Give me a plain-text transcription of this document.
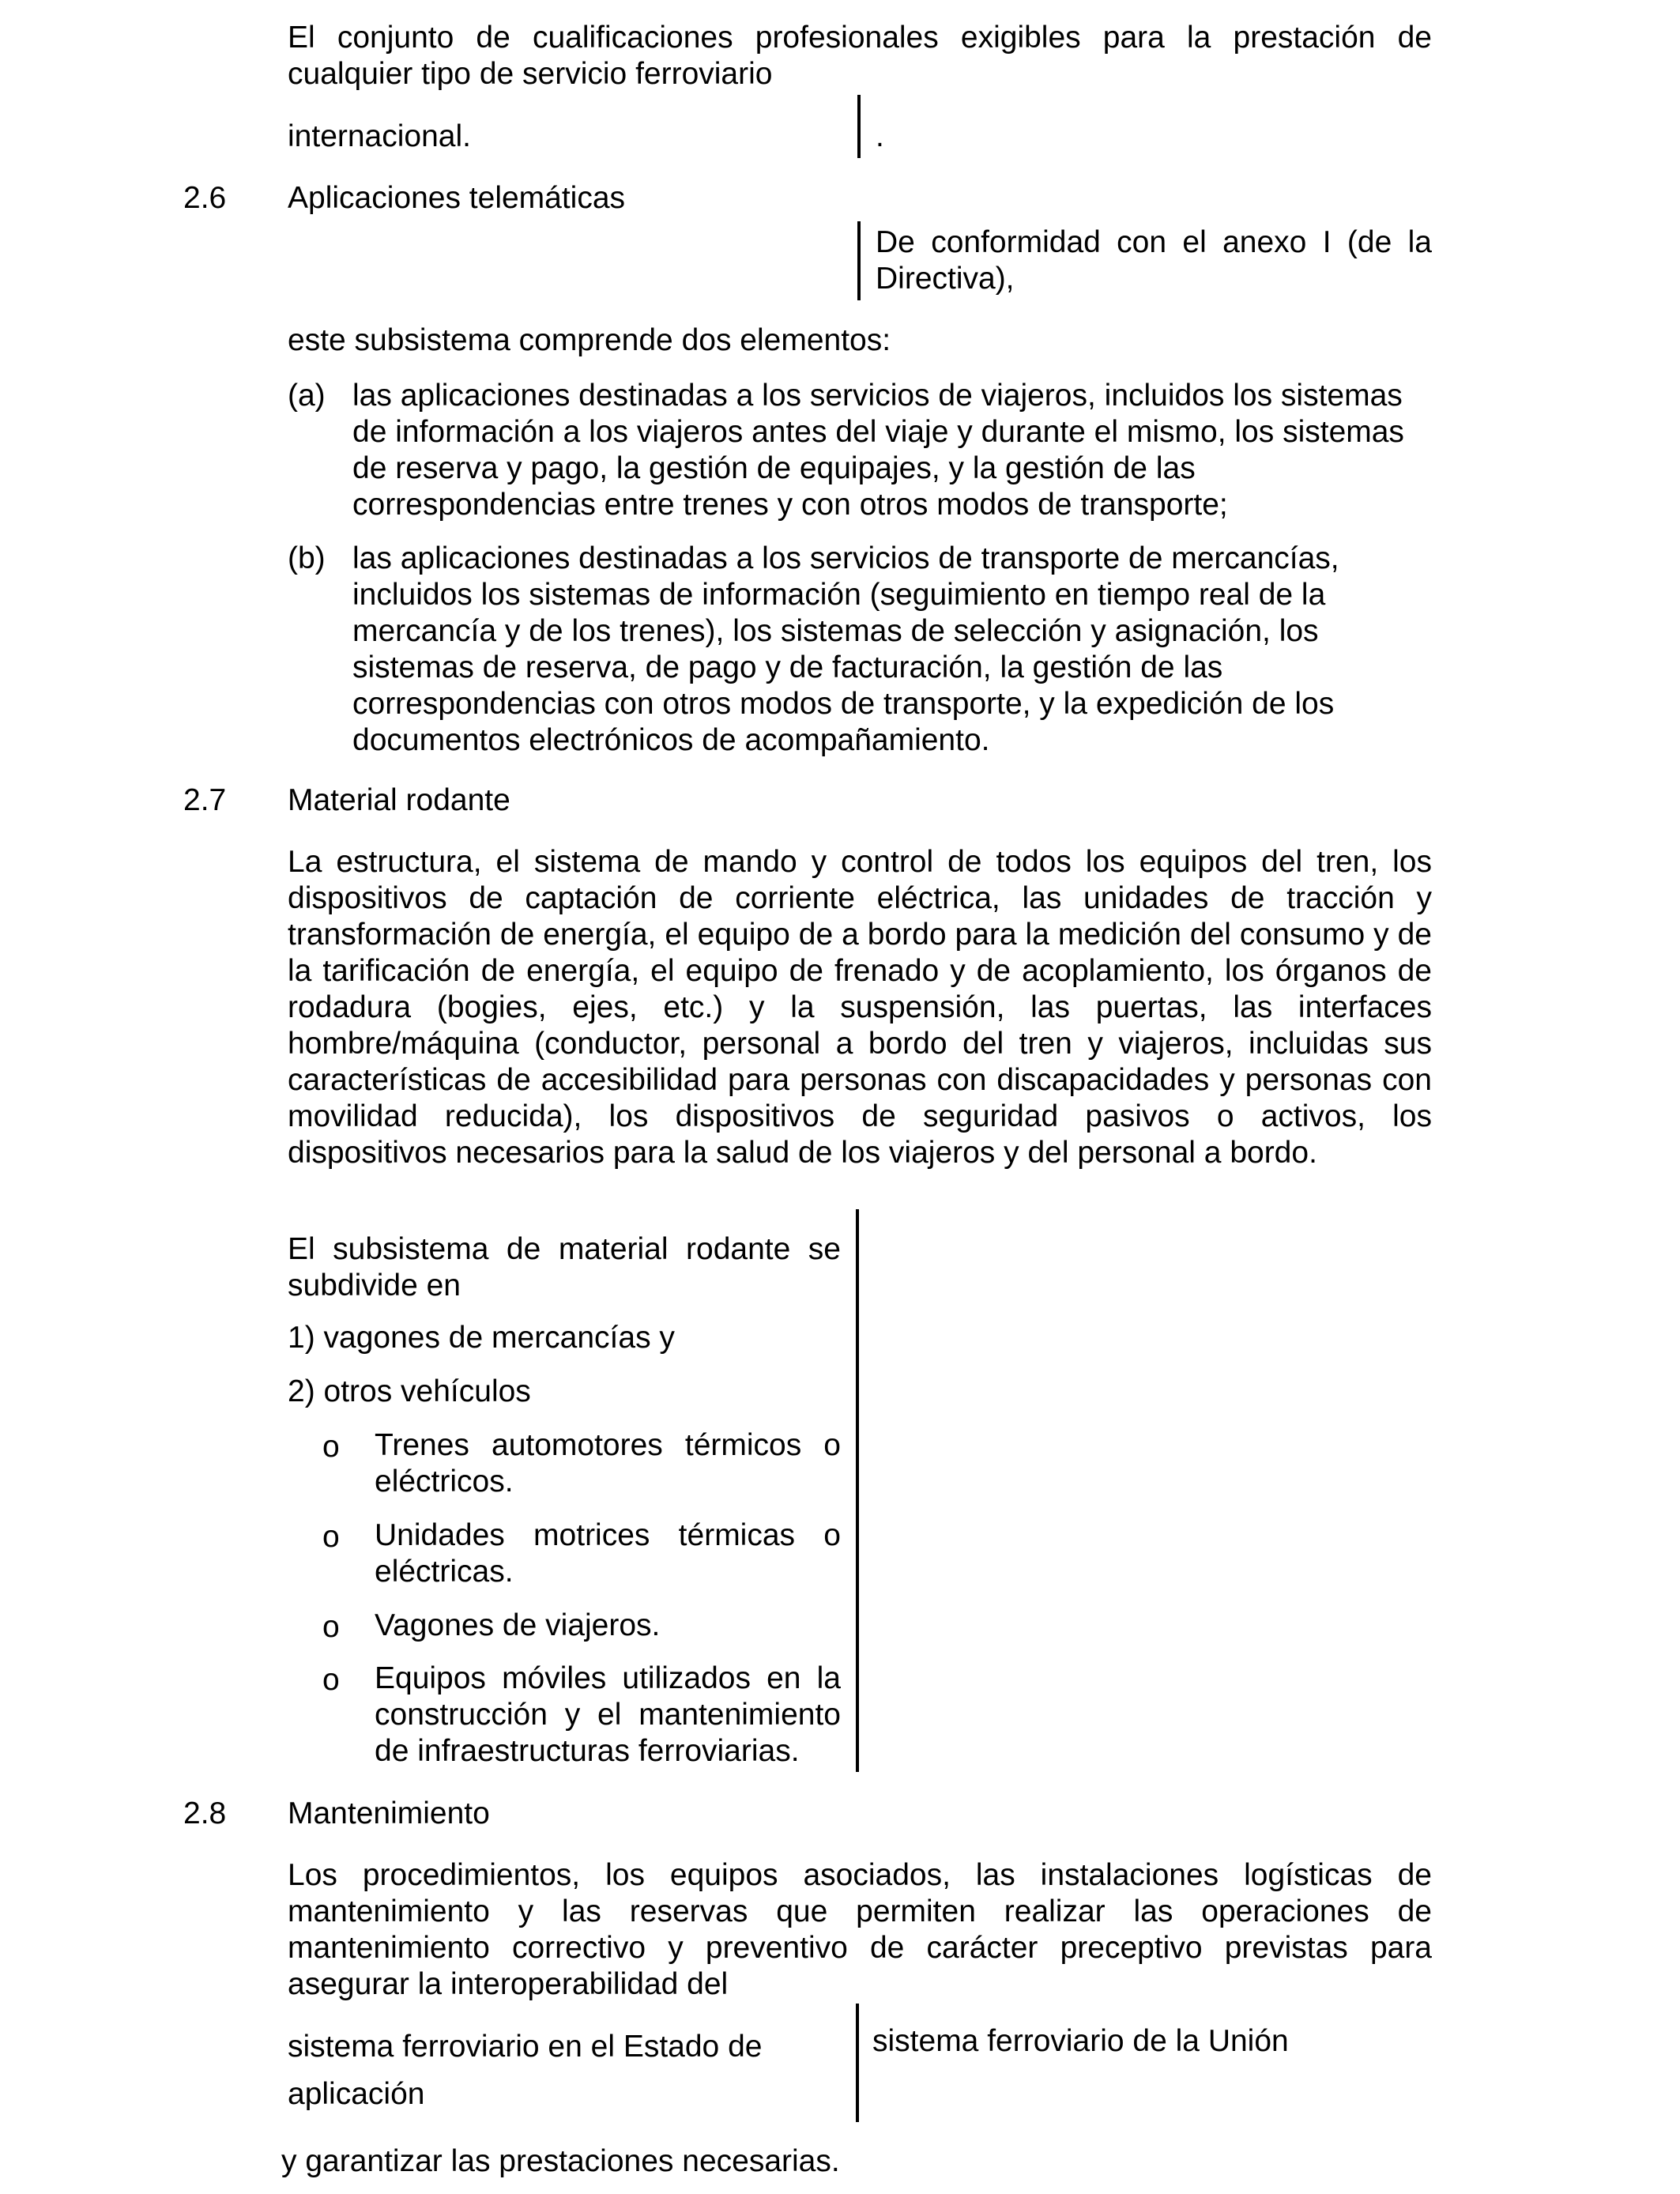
El conjunto de cualificaciones profesionales exigibles para la prestación de cualquier tipo de servicio ferroviario

internacional.	.

2.6 Aplicaciones telemáticas

De conformidad con el anexo I (de la Directiva),

este subsistema comprende dos elementos:

(a) las aplicaciones destinadas a los servicios de viajeros, incluidos los sistemas de información a los viajeros antes del viaje y durante el mismo, los sistemas de reserva y pago, la gestión de equipajes, y la gestión de las correspondencias entre trenes y con otros modos de transporte;

(b) las aplicaciones destinadas a los servicios de transporte de mercancías, incluidos los sistemas de información (seguimiento en tiempo real de la mercancía y de los trenes), los sistemas de selección y asignación, los sistemas de reserva, de pago y de facturación, la gestión de las correspondencias con otros modos de transporte, y la expedición de los documentos electrónicos de acompañamiento.

2.7 Material rodante

La estructura, el sistema de mando y control de todos los equipos del tren, los dispositivos de captación de corriente eléctrica, las unidades de tracción y transformación de energía, el equipo de a bordo para la medición del consumo y de la tarificación de energía, el equipo de frenado y de acoplamiento, los órganos de rodadura (bogies, ejes, etc.) y la suspensión, las puertas, las interfaces hombre/máquina (conductor, personal a bordo del tren y viajeros, incluidas sus características de accesibilidad para personas con discapacidades y personas con movilidad reducida), los dispositivos de seguridad pasivos o activos, los dispositivos necesarios para la salud de los viajeros y del personal a bordo.

El subsistema de material rodante se subdivide en

1) vagones de mercancías y

2) otros vehículos

o Trenes automotores térmicos o eléctricos.

o Unidades motrices térmicas o eléctricas.

o Vagones de viajeros.

o Equipos móviles utilizados en la construcción y el mantenimiento de infraestructuras ferroviarias.

2.8 Mantenimiento

Los procedimientos, los equipos asociados, las instalaciones logísticas de mantenimiento y las reservas que permiten realizar las operaciones de mantenimiento correctivo y preventivo de carácter preceptivo previstas para asegurar la interoperabilidad del

sistema ferroviario en el Estado de aplicación

sistema ferroviario de la Unión

y garantizar las prestaciones necesarias.
